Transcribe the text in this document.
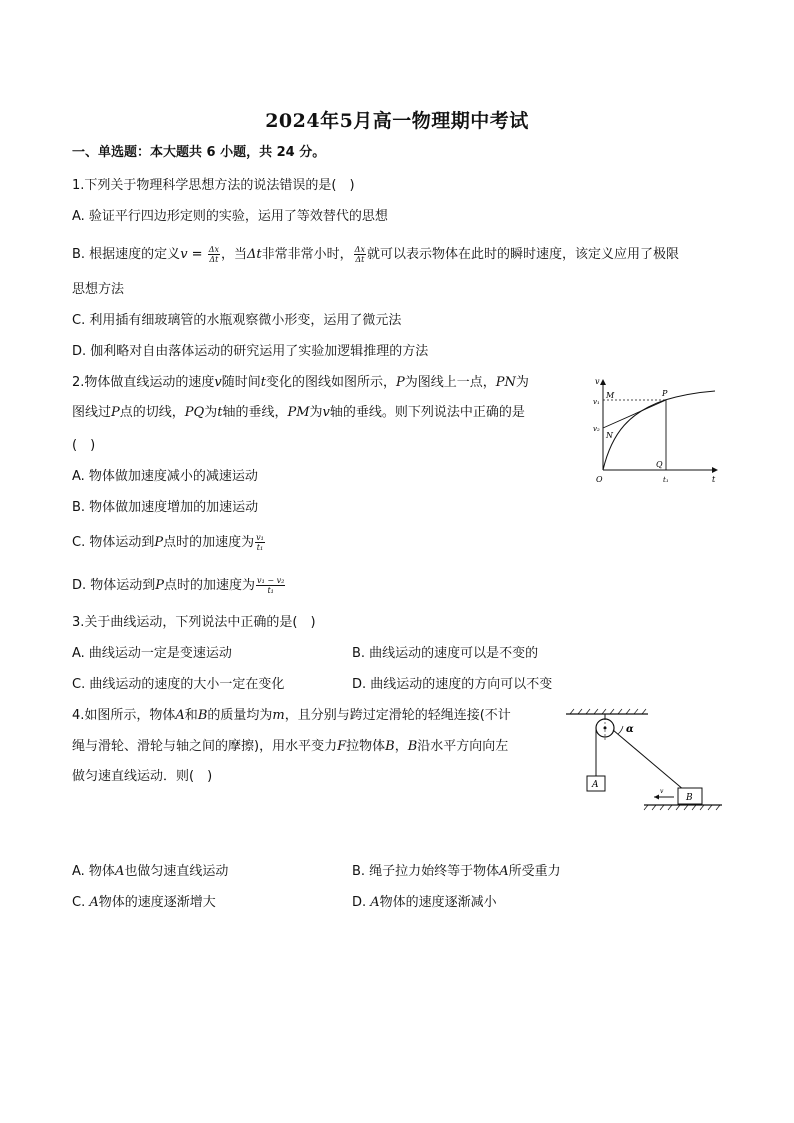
2024年5月高一物理期中考试
一、单选题：本大题共 6 小题，共 24 分。
1.下列关于物理科学思想方法的说法错误的是(　)
A. 验证平行四边形定则的实验，运用了等效替代的思想
B. 根据速度的定义$v = \frac{\Delta x}{\Delta t}$ ，当Δt非常非常小时， $\frac{\Delta x}{\Delta t}$ 就可以表示物体在此时的瞬时速度，该定义应用了极限
思想方法
C. 利用插有细玻璃管的水瓶观察微小形变，运用了微元法
D. 伽利略对自由落体运动的研究运用了实验加逻辑推理的方法
2.物体做直线运动的速度v随时间t变化的图线如图所示，P为图线上一点，PN为
图线过P点的切线，PQ为t轴的垂线，PM为v轴的垂线。则下列说法中正确的是
(　)
A. 物体做加速度减小的减速运动
B. 物体做加速度增加的加速运动
C. 物体运动到P点时的加速度为 $\frac{\text{v₁}}{\text{t₁}}$
D. 物体运动到P点时的加速度为 $\frac{\text{v₁ − v₂}}{\text{t₁}}$
v
t
O
M
v₁
N
v₂
P
Q
t₁
3.关于曲线运动，下列说法中正确的是(　)
A. 曲线运动一定是变速运动	B. 曲线运动的速度可以是不变的
C. 曲线运动的速度的大小一定在变化	D. 曲线运动的速度的方向可以不变
4.如图所示，物体A和B的质量均为m，且分别与跨过定滑轮的轻绳连接(不计
绳与滑轮、滑轮与轴之间的摩擦)，用水平变力F拉物体B，B沿水平方向向左
做匀速直线运动．则(　)
A
α
B
v
A. 物体A也做匀速直线运动	B. 绳子拉力始终等于物体A所受重力
C. A物体的速度逐渐增大	D. A物体的速度逐渐减小
